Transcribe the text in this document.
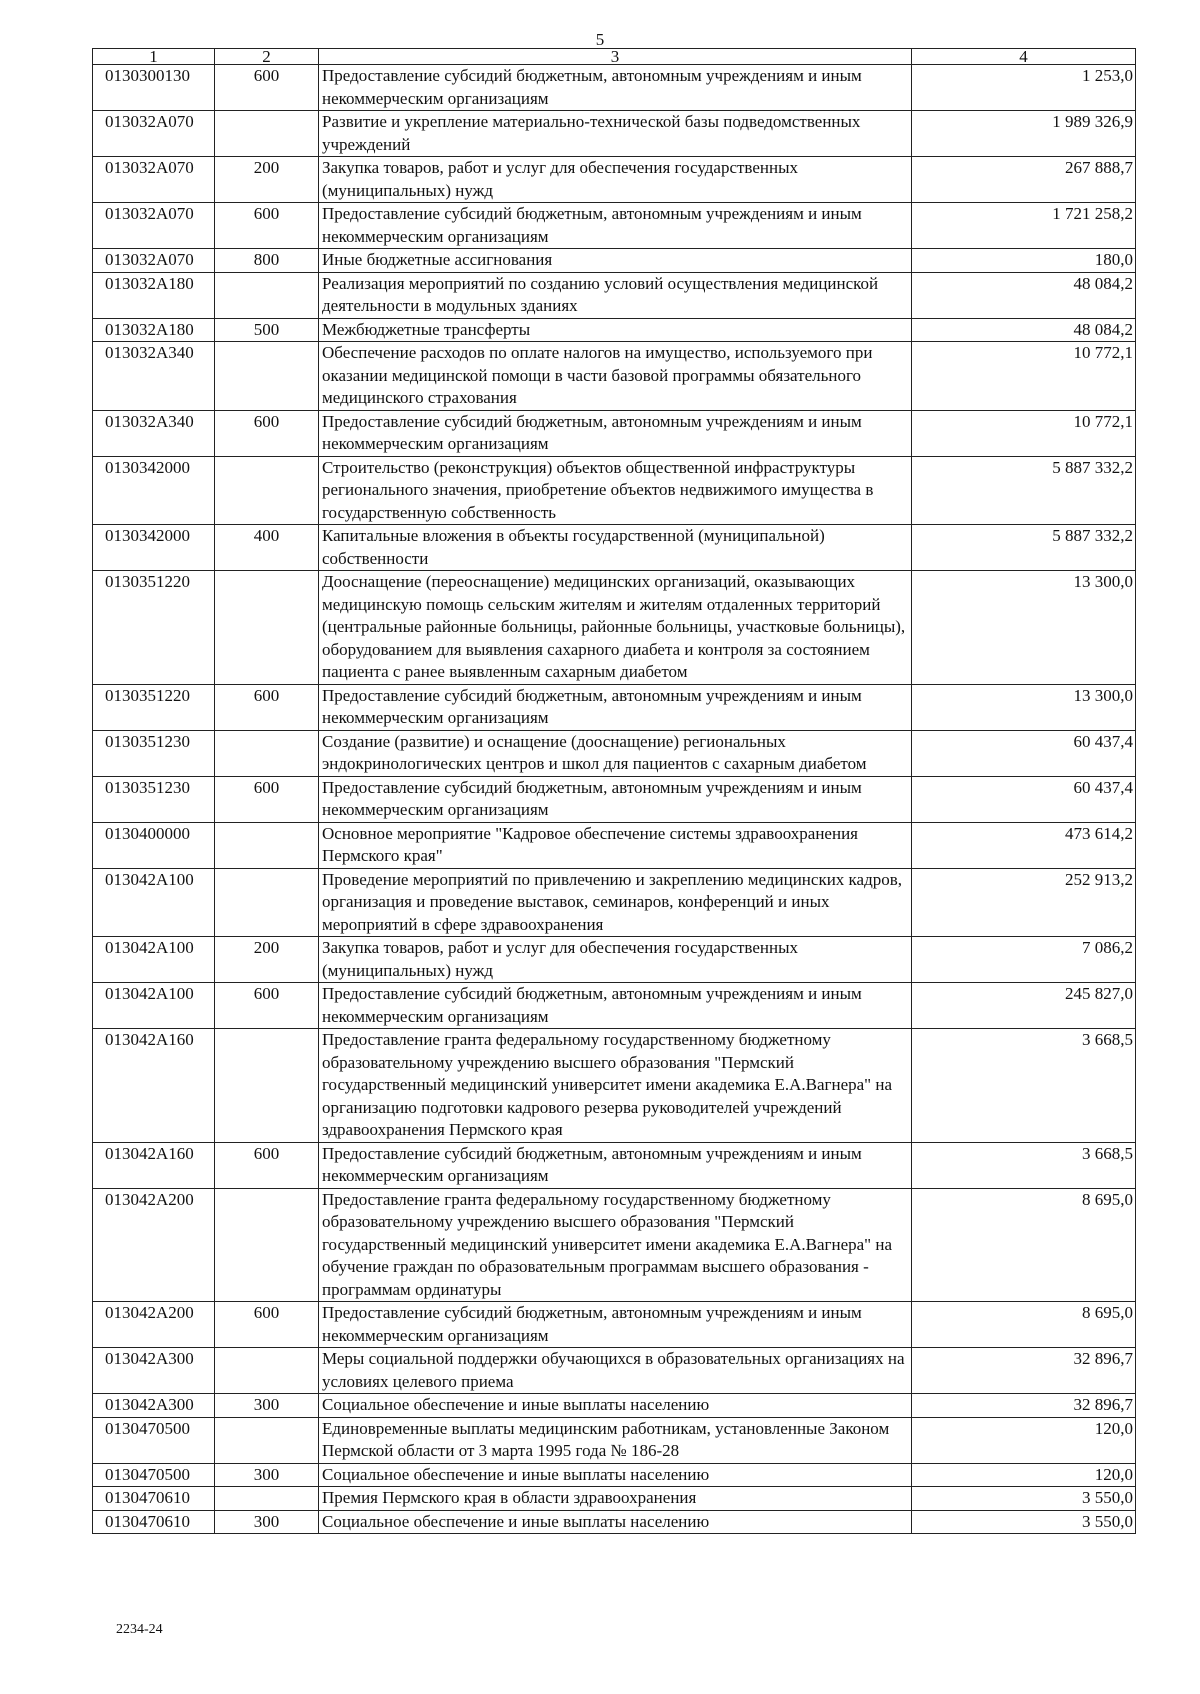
5
1	2	3	4
0130300130	600	Предоставление субсидий бюджетным, автономным учреждениям и иным некоммерческим организациям	1 253,0
013032А070		Развитие и укрепление материально-технической базы подведомственных учреждений	1 989 326,9
013032А070	200	Закупка товаров, работ и услуг для обеспечения государственных (муниципальных) нужд	267 888,7
013032А070	600	Предоставление субсидий бюджетным, автономным учреждениям и иным некоммерческим организациям	1 721 258,2
013032А070	800	Иные бюджетные ассигнования	180,0
013032А180		Реализация мероприятий по созданию условий осуществления медицинской деятельности в модульных зданиях	48 084,2
013032А180	500	Межбюджетные трансферты	48 084,2
013032А340		Обеспечение расходов по оплате налогов на имущество, используемого при оказании медицинской помощи в части базовой программы обязательного медицинского страхования	10 772,1
013032А340	600	Предоставление субсидий бюджетным, автономным учреждениям и иным некоммерческим организациям	10 772,1
0130342000		Строительство (реконструкция) объектов общественной инфраструктуры регионального значения, приобретение объектов недвижимого имущества в государственную собственность	5 887 332,2
0130342000	400	Капитальные вложения в объекты государственной (муниципальной) собственности	5 887 332,2
0130351220		Дооснащение (переоснащение) медицинских организаций, оказывающих медицинскую помощь сельским жителям и жителям отдаленных территорий (центральные районные больницы, районные больницы, участковые больницы), оборудованием для выявления сахарного диабета и контроля за состоянием пациента с ранее выявленным сахарным диабетом	13 300,0
0130351220	600	Предоставление субсидий бюджетным, автономным учреждениям и иным некоммерческим организациям	13 300,0
0130351230		Создание (развитие) и оснащение (дооснащение) региональных эндокринологических центров и школ для пациентов с сахарным диабетом	60 437,4
0130351230	600	Предоставление субсидий бюджетным, автономным учреждениям и иным некоммерческим организациям	60 437,4
0130400000		Основное мероприятие "Кадровое обеспечение системы здравоохранения Пермского края"	473 614,2
013042А100		Проведение мероприятий по привлечению и закреплению медицинских кадров, организация и проведение выставок, семинаров, конференций и иных мероприятий в сфере здравоохранения	252 913,2
013042А100	200	Закупка товаров, работ и услуг для обеспечения государственных (муниципальных) нужд	7 086,2
013042А100	600	Предоставление субсидий бюджетным, автономным учреждениям и иным некоммерческим организациям	245 827,0
013042А160		Предоставление гранта федеральному государственному бюджетному образовательному учреждению высшего образования "Пермский государственный медицинский университет имени академика Е.А.Вагнера" на организацию подготовки кадрового резерва руководителей учреждений здравоохранения Пермского края	3 668,5
013042А160	600	Предоставление субсидий бюджетным, автономным учреждениям и иным некоммерческим организациям	3 668,5
013042А200		Предоставление гранта федеральному государственному бюджетному образовательному учреждению высшего образования "Пермский государственный медицинский университет имени академика Е.А.Вагнера" на обучение граждан по образовательным программам высшего образования - программам ординатуры	8 695,0
013042А200	600	Предоставление субсидий бюджетным, автономным учреждениям и иным некоммерческим организациям	8 695,0
013042А300		Меры социальной поддержки обучающихся в образовательных организациях на условиях целевого приема	32 896,7
013042А300	300	Социальное обеспечение и иные выплаты населению	32 896,7
0130470500		Единовременные выплаты медицинским работникам, установленные Законом Пермской области от 3 марта 1995 года № 186-28	120,0
0130470500	300	Социальное обеспечение и иные выплаты населению	120,0
0130470610		Премия Пермского края в области здравоохранения	3 550,0
0130470610	300	Социальное обеспечение и иные выплаты населению	3 550,0
2234-24
